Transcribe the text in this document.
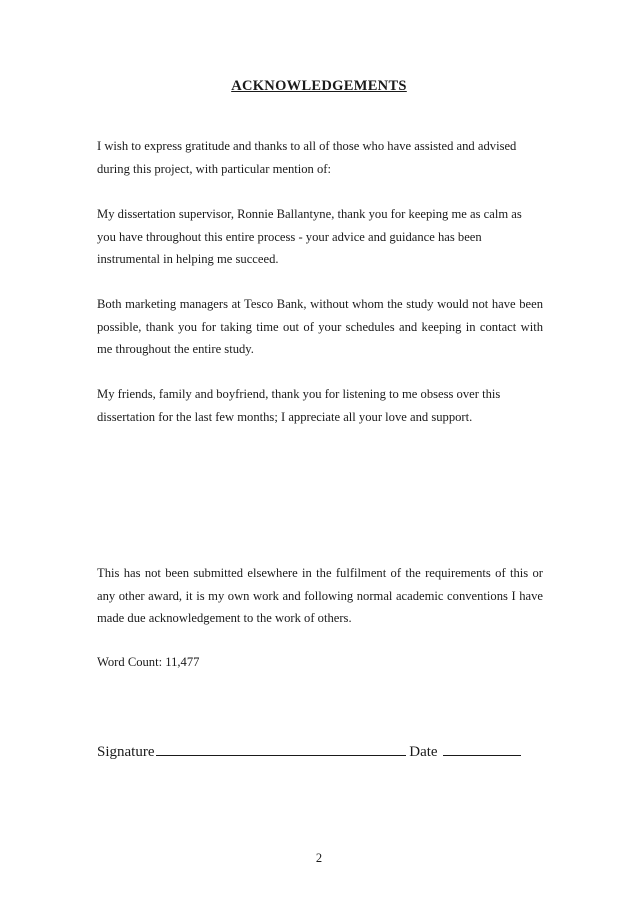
ACKNOWLEDGEMENTS

I wish to express gratitude and thanks to all of those who have assisted and advised during this project, with particular mention of:

My dissertation supervisor, Ronnie Ballantyne, thank you for keeping me as calm as you have throughout this entire process - your advice and guidance has been instrumental in helping me succeed.

Both marketing managers at Tesco Bank, without whom the study would not have been possible, thank you for taking time out of your schedules and keeping in contact with me throughout the entire study.

My friends, family and boyfriend, thank you for listening to me obsess over this dissertation for the last few months; I appreciate all your love and support.

This has not been submitted elsewhere in the fulfilment of the requirements of this or any other award, it is my own work and following normal academic conventions I have made due acknowledgement to the work of others.

Word Count: 11,477

Signature	Date
2
